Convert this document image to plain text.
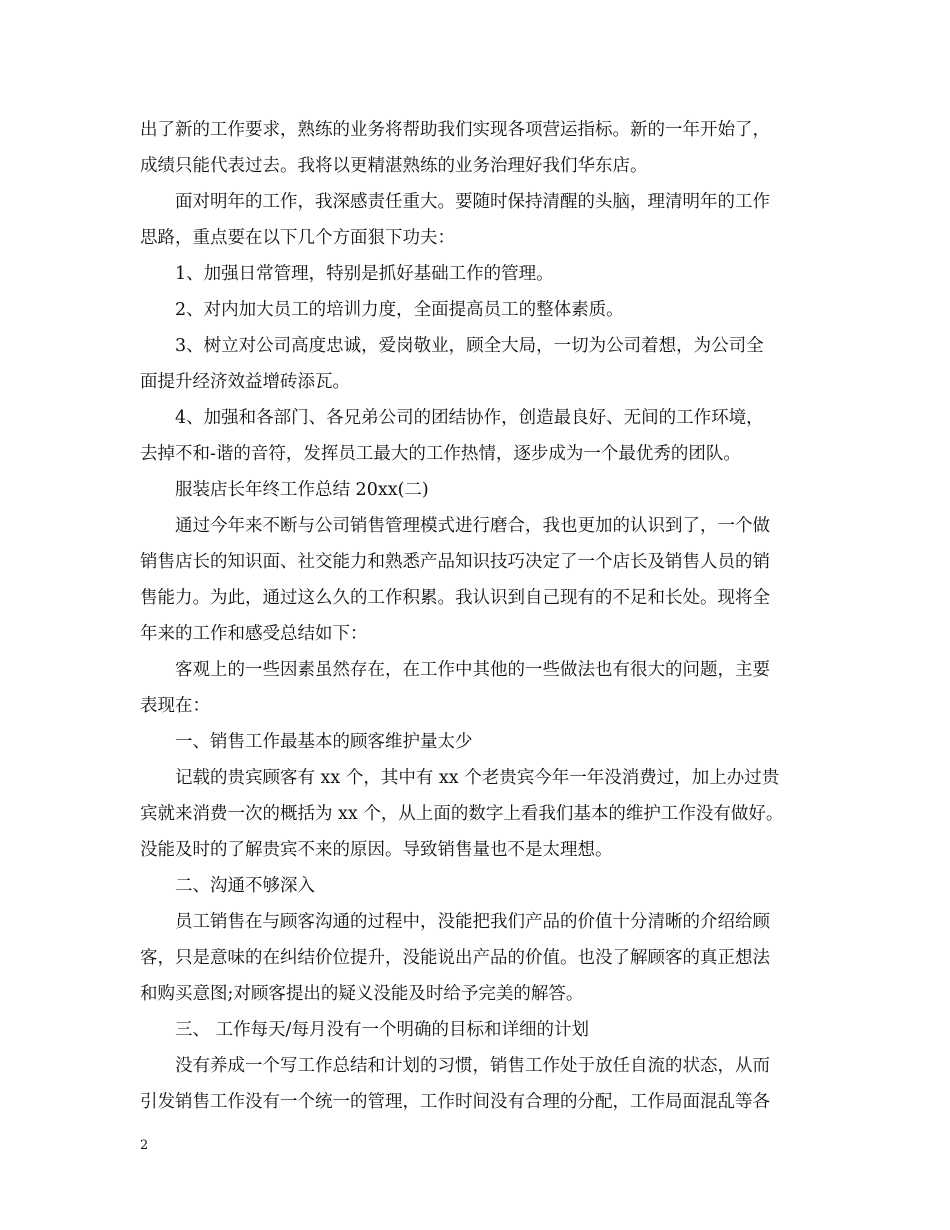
出了新的工作要求，熟练的业务将帮助我们实现各项营运指标。新的一年开始了，
成绩只能代表过去。我将以更精湛熟练的业务治理好我们华东店。
面对明年的工作，我深感责任重大。要随时保持清醒的头脑，理清明年的工作
思路，重点要在以下几个方面狠下功夫：
1、加强日常管理，特别是抓好基础工作的管理。
2、对内加大员工的培训力度，全面提高员工的整体素质。
3、树立对公司高度忠诚，爱岗敬业，顾全大局，一切为公司着想，为公司全
面提升经济效益增砖添瓦。
4、加强和各部门、各兄弟公司的团结协作，创造最良好、无间的工作环境，
去掉不和-谐的音符，发挥员工最大的工作热情，逐步成为一个最优秀的团队。
服装店长年终工作总结 20xx(二)
通过今年来不断与公司销售管理模式进行磨合，我也更加的认识到了，一个做
销售店长的知识面、社交能力和熟悉产品知识技巧决定了一个店长及销售人员的销
售能力。为此，通过这么久的工作积累。我认识到自己现有的不足和长处。现将全
年来的工作和感受总结如下：
客观上的一些因素虽然存在，在工作中其他的一些做法也有很大的问题，主要
表现在：
一、销售工作最基本的顾客维护量太少
记载的贵宾顾客有 xx 个，其中有 xx 个老贵宾今年一年没消费过，加上办过贵
宾就来消费一次的概括为 xx 个，从上面的数字上看我们基本的维护工作没有做好。
没能及时的了解贵宾不来的原因。导致销售量也不是太理想。
二、沟通不够深入
员工销售在与顾客沟通的过程中，没能把我们产品的价值十分清晰的介绍给顾
客，只是意味的在纠结价位提升，没能说出产品的价值。也没了解顾客的真正想法
和购买意图;对顾客提出的疑义没能及时给予完美的解答。
三、 工作每天/每月没有一个明确的目标和详细的计划
没有养成一个写工作总结和计划的习惯，销售工作处于放任自流的状态，从而
引发销售工作没有一个统一的管理，工作时间没有合理的分配，工作局面混乱等各
2
